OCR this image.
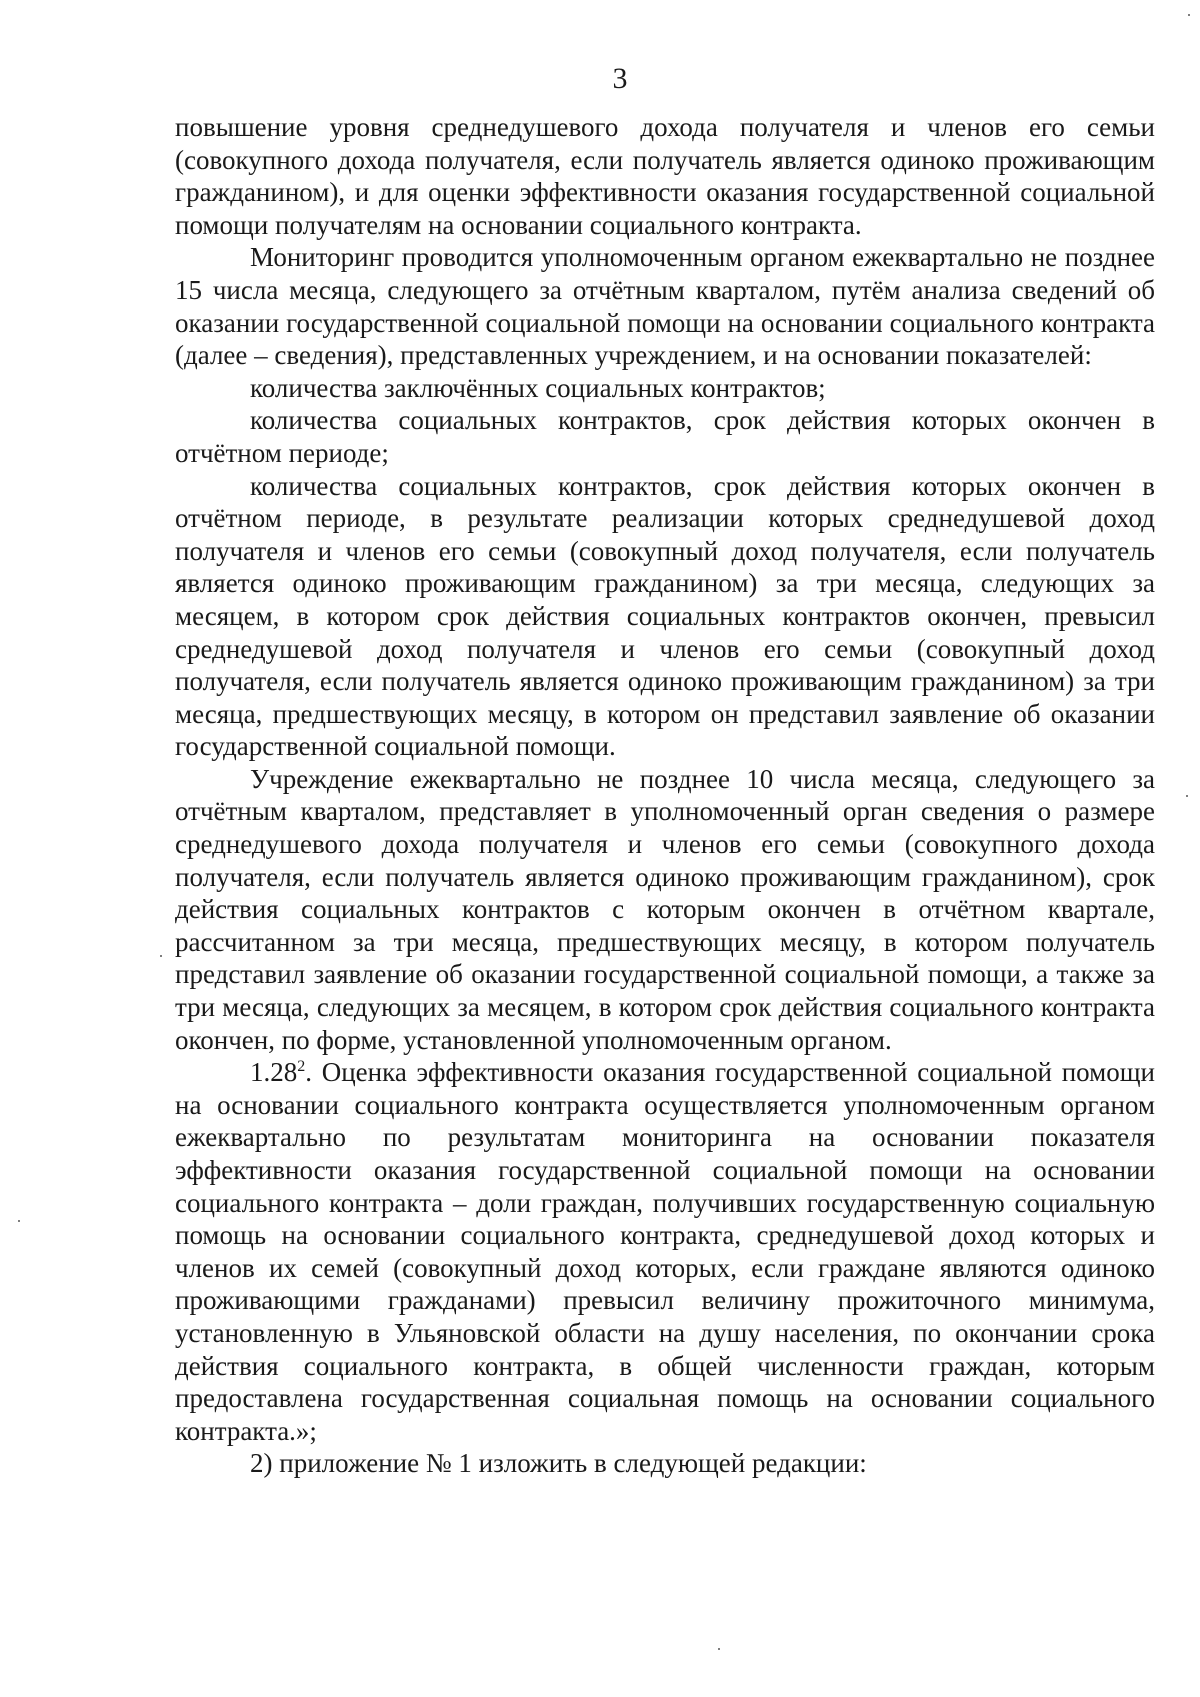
3

повышение уровня среднедушевого дохода получателя и членов его семьи (совокупного дохода получателя, если получатель является одиноко проживающим гражданином), и для оценки эффективности оказания государственной социальной помощи получателям на основании социального контракта.

Мониторинг проводится уполномоченным органом ежеквартально не позднее 15 числа месяца, следующего за отчётным кварталом, путём анализа сведений об оказании государственной социальной помощи на основании социального контракта (далее – сведения), представленных учреждением, и на основании показателей:

количества заключённых социальных контрактов;

количества социальных контрактов, срок действия которых окончен в отчётном периоде;

количества социальных контрактов, срок действия которых окончен в отчётном периоде, в результате реализации которых среднедушевой доход получателя и членов его семьи (совокупный доход получателя, если получатель является одиноко проживающим гражданином) за три месяца, следующих за месяцем, в котором срок действия социальных контрактов окончен, превысил среднедушевой доход получателя и членов его семьи (совокупный доход получателя, если получатель является одиноко проживающим гражданином) за три месяца, предшествующих месяцу, в котором он представил заявление об оказании государственной социальной помощи.

Учреждение ежеквартально не позднее 10 числа месяца, следующего за отчётным кварталом, представляет в уполномоченный орган сведения о размере среднедушевого дохода получателя и членов его семьи (совокупного дохода получателя, если получатель является одиноко проживающим гражданином), срок действия социальных контрактов с которым окончен в отчётном квартале, рассчитанном за три месяца, предшествующих месяцу, в котором получатель представил заявление об оказании государственной социальной помощи, а также за три месяца, следующих за месяцем, в котором срок действия социального контракта окончен, по форме, установленной уполномоченным органом.

1.28$^2$. Оценка эффективности оказания государственной социальной помощи на основании социального контракта осуществляется уполномоченным органом ежеквартально по результатам мониторинга на основании показателя эффективности оказания государственной социальной помощи на основании социального контракта – доли граждан, получивших государственную социальную помощь на основании социального контракта, среднедушевой доход которых и членов их семей (совокупный доход которых, если граждане являются одиноко проживающими гражданами) превысил величину прожиточного минимума, установленную в Ульяновской области на душу населения, по окончании срока действия социального контракта, в общей численности граждан, которым предоставлена государственная социальная помощь на основании социального контракта.»;

2) приложение № 1 изложить в следующей редакции:
